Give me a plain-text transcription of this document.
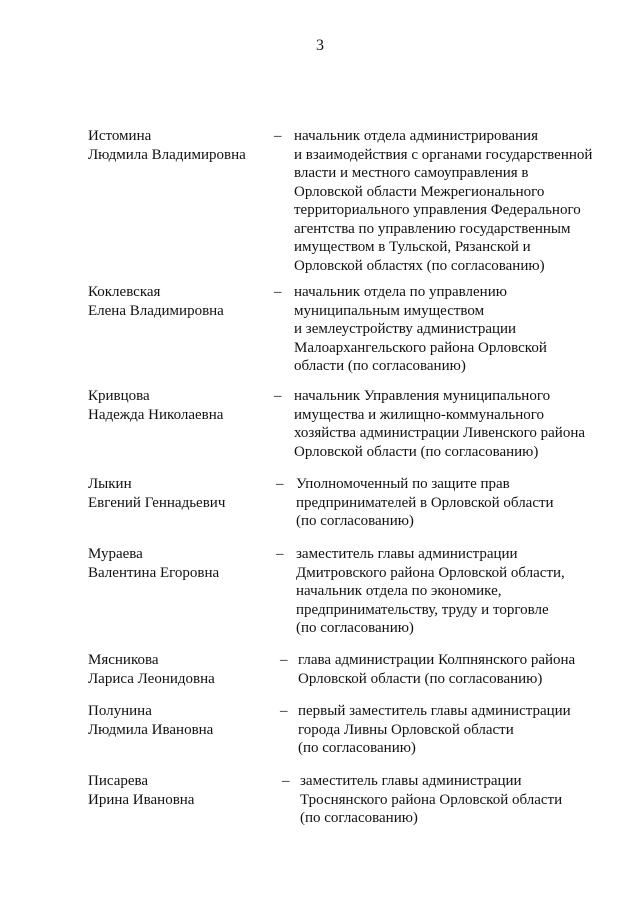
3
Истомина
Людмила Владимировна
– начальник отдела администрирования
и взаимодействия с органами государственной
власти и местного самоуправления в
Орловской области Межрегионального
территориального управления Федерального
агентства по управлению государственным
имуществом в Тульской, Рязанской и
Орловской областях (по согласованию)
Коклевская
Елена Владимировна
– начальник отдела по управлению
муниципальным имуществом
и землеустройству администрации
Малоархангельского района Орловской
области (по согласованию)
Кривцова
Надежда Николаевна
– начальник Управления муниципального
имущества и жилищно-коммунального
хозяйства администрации Ливенского района
Орловской области (по согласованию)
Лыкин
Евгений Геннадьевич
– Уполномоченный по защите прав
предпринимателей в Орловской области
(по согласованию)
Мураева
Валентина Егоровна
– заместитель главы администрации
Дмитровского района Орловской области,
начальник отдела по экономике,
предпринимательству, труду и торговле
(по согласованию)
Мясникова
Лариса Леонидовна
– глава администрации Колпнянского района
Орловской области (по согласованию)
Полунина
Людмила Ивановна
– первый заместитель главы администрации
города Ливны Орловской области
(по согласованию)
Писарева
Ирина Ивановна
– заместитель главы администрации
Троснянского района Орловской области
(по согласованию)
